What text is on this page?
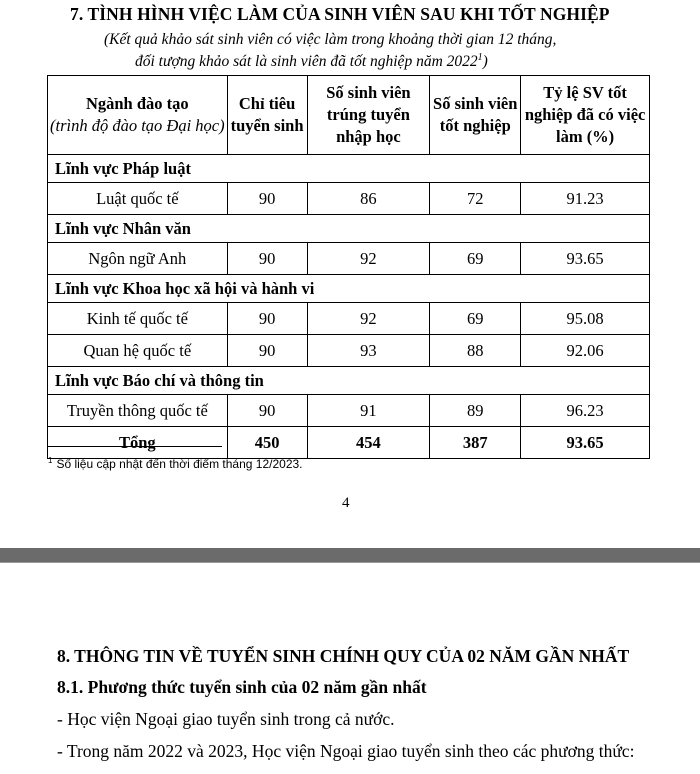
7. TÌNH HÌNH VIỆC LÀM CỦA SINH VIÊN SAU KHI TỐT NGHIỆP
(Kết quả khảo sát sinh viên có việc làm trong khoảng thời gian 12 tháng,
đối tượng khảo sát là sinh viên đã tốt nghiệp năm 2022$^1$)
Ngành đào tạo
(trình độ đào tạo Đại học)	Chỉ tiêu tuyển sinh	Số sinh viên trúng tuyển nhập học	Số sinh viên tốt nghiệp	Tỷ lệ SV tốt nghiệp đã có việc làm (%)
Lĩnh vực Pháp luật				
Luật quốc tế	90	86	72	91.23
Lĩnh vực Nhân văn				
Ngôn ngữ Anh	90	92	69	93.65
Lĩnh vực Khoa học xã hội và hành vi				
Kinh tế quốc tế	90	92	69	95.08
Quan hệ quốc tế	90	93	88	92.06
Lĩnh vực Báo chí và thông tin				
Truyền thông quốc tế	90	91	89	96.23
Tổng	450	454	387	93.65
$^1$ Số liệu cập nhật đến thời điểm tháng 12/2023.
4
8. THÔNG TIN VỀ TUYỂN SINH CHÍNH QUY CỦA 02 NĂM GẦN NHẤT
8.1. Phương thức tuyển sinh của 02 năm gần nhất
- Học viện Ngoại giao tuyển sinh trong cả nước.
- Trong năm 2022 và 2023, Học viện Ngoại giao tuyển sinh theo các phương thức:
